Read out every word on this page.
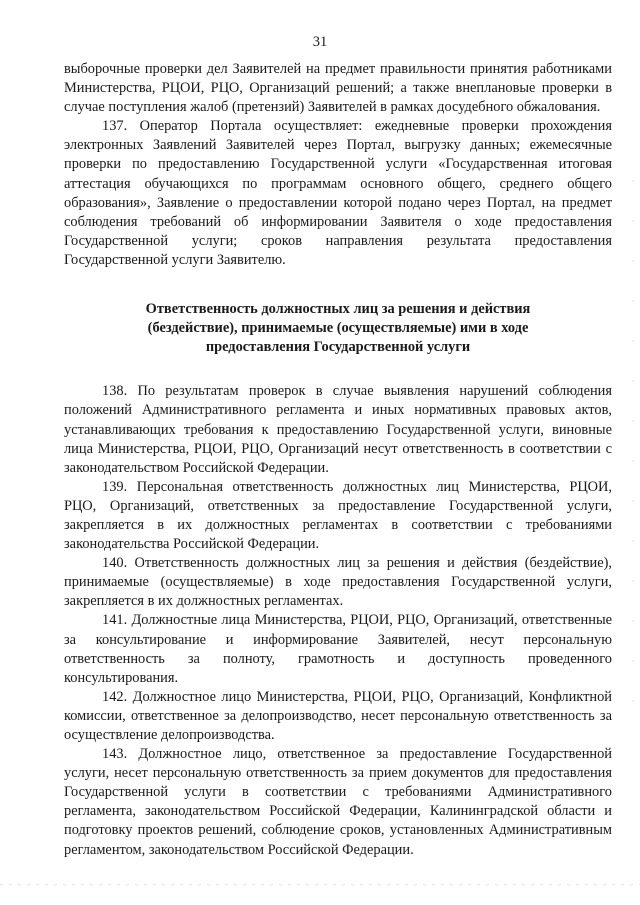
31

выборочные проверки дел Заявителей на предмет правильности принятия работниками Министерства, РЦОИ, РЦО, Организаций решений; а также внеплановые проверки в случае поступления жалоб (претензий) Заявителей в рамках досудебного обжалования.

137. Оператор Портала осуществляет: ежедневные проверки прохождения электронных Заявлений Заявителей через Портал, выгрузку данных; ежемесячные проверки по предоставлению Государственной услуги «Государственная итоговая аттестация обучающихся по программам основного общего, среднего общего образования», Заявление о предоставлении которой подано через Портал, на предмет соблюдения требований об информировании Заявителя о ходе предоставления Государственной услуги; сроков направления результата предоставления Государственной услуги Заявителю.

Ответственность должностных лиц за решения и действия (бездействие), принимаемые (осуществляемые) ими в ходе предоставления Государственной услуги

138. По результатам проверок в случае выявления нарушений соблюдения положений Административного регламента и иных нормативных правовых актов, устанавливающих требования к предоставлению Государственной услуги, виновные лица Министерства, РЦОИ, РЦО, Организаций несут ответственность в соответствии с законодательством Российской Федерации.

139. Персональная ответственность должностных лиц Министерства, РЦОИ, РЦО, Организаций, ответственных за предоставление Государственной услуги, закрепляется в их должностных регламентах в соответствии с требованиями законодательства Российской Федерации.

140. Ответственность должностных лиц за решения и действия (бездействие), принимаемые (осуществляемые) в ходе предоставления Государственной услуги, закрепляется в их должностных регламентах.

141. Должностные лица Министерства, РЦОИ, РЦО, Организаций, ответственные за консультирование и информирование Заявителей, несут персональную ответственность за полноту, грамотность и доступность проведенного консультирования.

142. Должностное лицо Министерства, РЦОИ, РЦО, Организаций, Конфликтной комиссии, ответственное за делопроизводство, несет персональную ответственность за осуществление делопроизводства.

143. Должностное лицо, ответственное за предоставление Государственной услуги, несет персональную ответственность за прием документов для предоставления Государственной услуги в соответствии с требованиями Административного регламента, законодательством Российской Федерации, Калининградской области и подготовку проектов решений, соблюдение сроков, установленных Административным регламентом, законодательством Российской Федерации.
